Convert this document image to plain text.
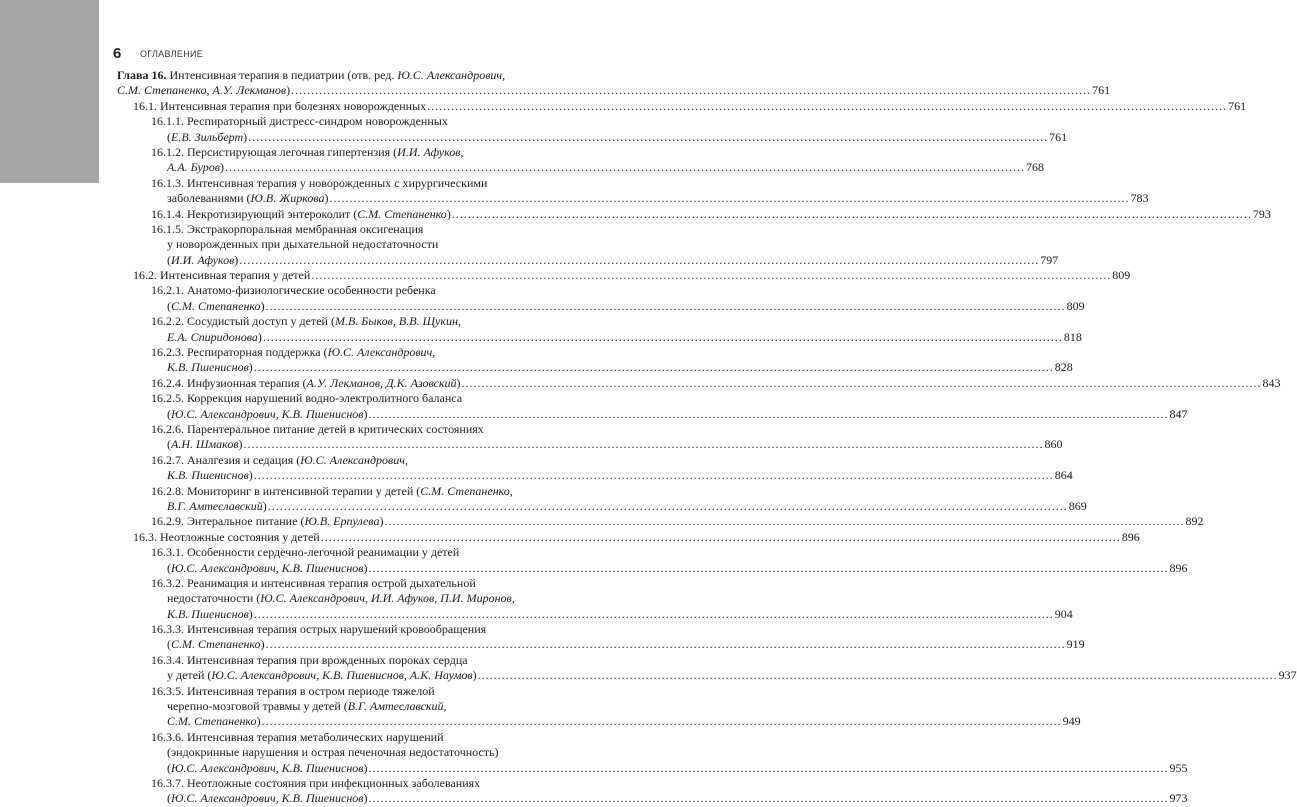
6 ОГЛАВЛЕНИЕ
Глава 16. Интенсивная терапия в педиатрии (отв. ред. Ю.С. Александрович,
С.М. Степаненко, А.У. Лекманов) ........................................................................................................................................................................................................ 761
16.1. Интенсивная терапия при болезнях новорожденных ........................................................................................................................................................................................................ 761
16.1.1. Респираторный дистресс-синдром новорожденных
(Е.В. Зильберт) ........................................................................................................................................................................................................ 761
16.1.2. Персистирующая легочная гипертензия (И.И. Афуков,
А.А. Буров) ........................................................................................................................................................................................................ 768
16.1.3. Интенсивная терапия у новорожденных с хирургическими
заболеваниями (Ю.В. Жиркова) ........................................................................................................................................................................................................ 783
16.1.4. Некротизирующий энтероколит (С.М. Степаненко) ........................................................................................................................................................................................................ 793
16.1.5. Экстракорпоральная мембранная оксигенация
у новорожденных при дыхательной недостаточности
(И.И. Афуков) ........................................................................................................................................................................................................ 797
16.2. Интенсивная терапия у детей ........................................................................................................................................................................................................ 809
16.2.1. Анатомо-физиологические особенности ребенка
(С.М. Степаненко) ........................................................................................................................................................................................................ 809
16.2.2. Сосудистый доступ у детей (М.В. Быков, В.В. Щукин,
Е.А. Спиридонова) ........................................................................................................................................................................................................ 818
16.2.3. Респираторная поддержка (Ю.С. Александрович,
К.В. Пшениснов) ........................................................................................................................................................................................................ 828
16.2.4. Инфузионная терапия (А.У. Лекманов, Д.К. Азовский) ........................................................................................................................................................................................................ 843
16.2.5. Коррекция нарушений водно-электролитного баланса
(Ю.С. Александрович, К.В. Пшениснов) ........................................................................................................................................................................................................ 847
16.2.6. Парентеральное питание детей в критических состояниях
(А.Н. Шмаков) ........................................................................................................................................................................................................ 860
16.2.7. Аналгезия и седация (Ю.С. Александрович,
К.В. Пшениснов) ........................................................................................................................................................................................................ 864
16.2.8. Мониторинг в интенсивной терапии у детей (С.М. Степаненко,
В.Г. Амтеславский) ........................................................................................................................................................................................................ 869
16.2.9. Энтеральное питание (Ю.В. Ерпулева) ........................................................................................................................................................................................................ 892
16.3. Неотложные состояния у детей ........................................................................................................................................................................................................ 896
16.3.1. Особенности сердечно-легочной реанимации у детей
(Ю.С. Александрович, К.В. Пшениснов) ........................................................................................................................................................................................................ 896
16.3.2. Реанимация и интенсивная терапия острой дыхательной
недостаточности (Ю.С. Александрович, И.И. Афуков, П.И. Миронов,
К.В. Пшениснов) ........................................................................................................................................................................................................ 904
16.3.3. Интенсивная терапия острых нарушений кровообращения
(С.М. Степаненко) ........................................................................................................................................................................................................ 919
16.3.4. Интенсивная терапия при врожденных пороках сердца
у детей (Ю.С. Александрович, К.В. Пшениснов, А.К. Наумов) ........................................................................................................................................................................................................ 937
16.3.5. Интенсивная терапия в остром периоде тяжелой
черепно-мозговой травмы у детей (В.Г. Амтеславский,
С.М. Степаненко) ........................................................................................................................................................................................................ 949
16.3.6. Интенсивная терапия метаболических нарушений
(эндокринные нарушения и острая печеночная недостаточность)
(Ю.С. Александрович, К.В. Пшениснов) ........................................................................................................................................................................................................ 955
16.3.7. Неотложные состояния при инфекционных заболеваниях
(Ю.С. Александрович, К.В. Пшениснов) ........................................................................................................................................................................................................ 973
